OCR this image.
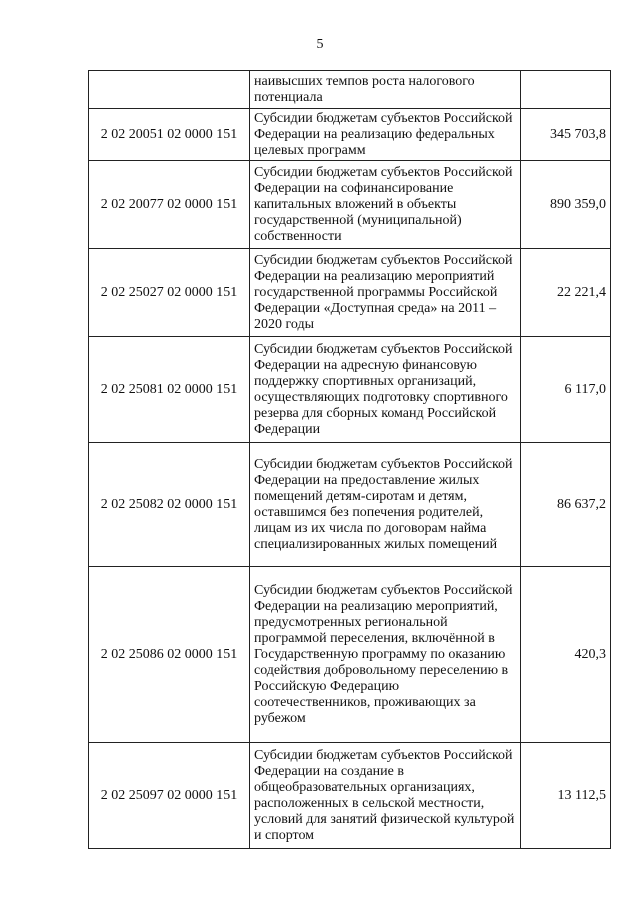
5
	наивысших темпов роста налогового потенциала	
2 02 20051 02 0000 151	Субсидии бюджетам субъектов Российской Федерации на реализацию федеральных целевых программ	345 703,8
2 02 20077 02 0000 151	Субсидии бюджетам субъектов Российской Федерации на софинансирование капитальных вложений в объекты государственной (муниципальной) собственности	890 359,0
2 02 25027 02 0000 151	Субсидии бюджетам субъектов Российской Федерации на реализацию мероприятий государственной программы Российской Федерации «Доступная среда» на 2011 – 2020 годы	22 221,4
2 02 25081 02 0000 151	Субсидии бюджетам субъектов Российской Федерации на адресную финансовую поддержку спортивных организаций, осуществляющих подготовку спортивного резерва для сборных команд Российской Федерации	6 117,0
2 02 25082 02 0000 151	Субсидии бюджетам субъектов Российской Федерации на предоставление жилых помещений детям-сиротам и детям, оставшимся без попечения родителей, лицам из их числа по договорам найма специализированных жилых помещений	86 637,2
2 02 25086 02 0000 151	Субсидии бюджетам субъектов Российской Федерации на реализацию мероприятий, предусмотренных региональной программой переселения, включённой в Государственную программу по оказанию содействия добровольному переселению в Российскую Федерацию соотечественников, проживающих за рубежом	420,3
2 02 25097 02 0000 151	Субсидии бюджетам субъектов Российской Федерации на создание в общеобразовательных организациях, расположенных в сельской местности, условий для занятий физической культурой и спортом	13 112,5
